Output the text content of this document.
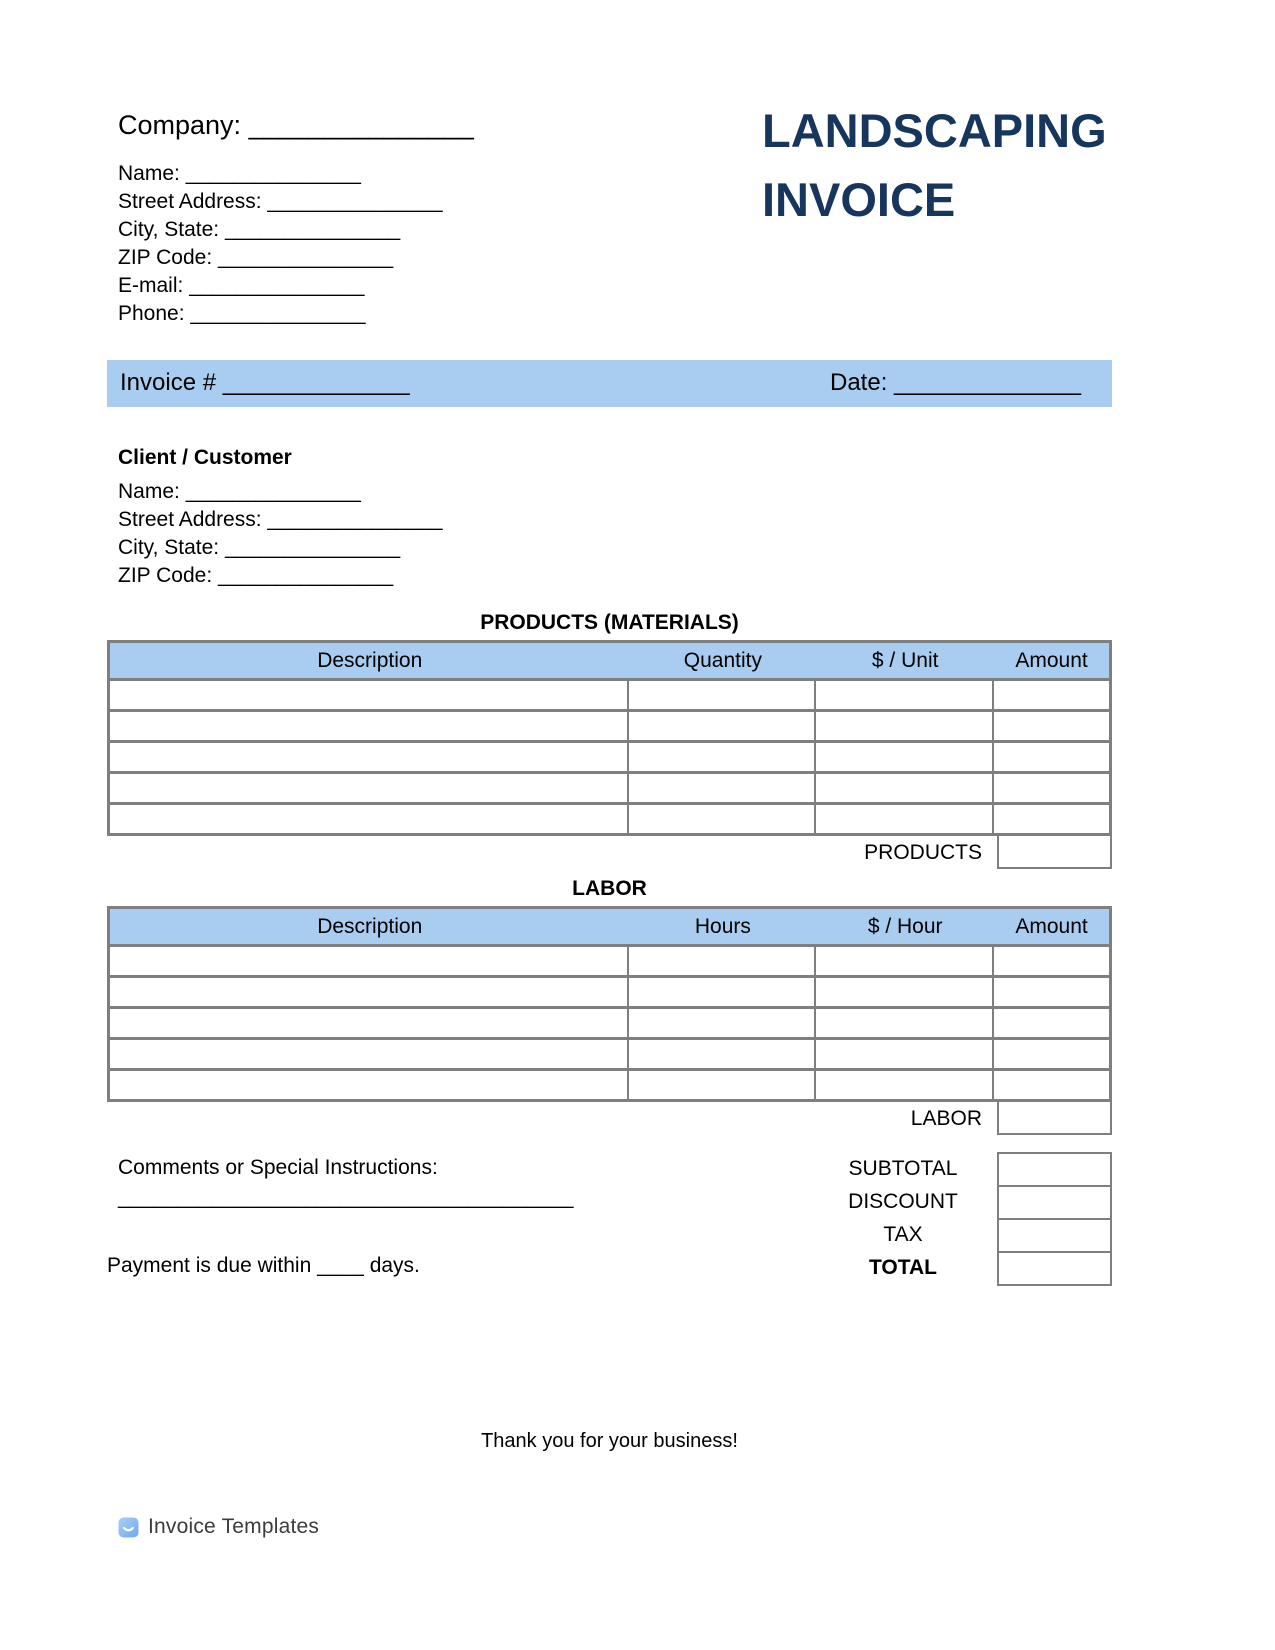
Company: _______________
Name: _______________
Street Address: _______________
City, State: _______________
ZIP Code: _______________
E-mail: _______________
Phone: _______________
LANDSCAPING
INVOICE
Invoice # ______________	Date: ______________
Client / Customer
Name: _______________
Street Address: _______________
City, State: _______________
ZIP Code: _______________
PRODUCTS (MATERIALS)
Description	Quantity	$ / Unit	Amount
PRODUCTS
LABOR
Description	Hours	$ / Hour	Amount
LABOR
Comments or Special Instructions:
_______________________________________
Payment is due within ____ days.
SUBTOTAL
DISCOUNT
TAX
TOTAL
Thank you for your business!
Invoice Templates
